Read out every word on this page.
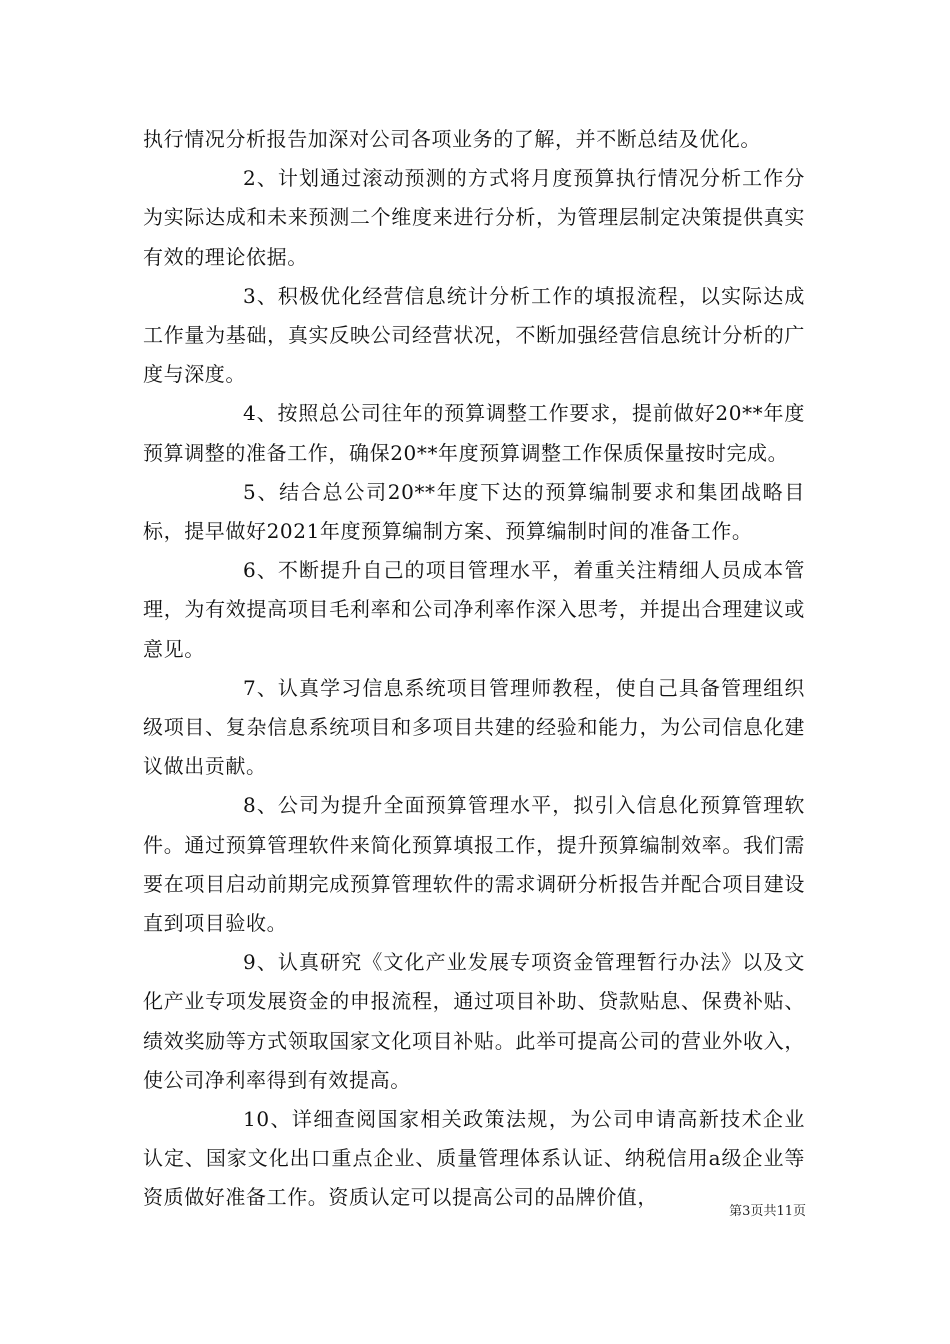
执行情况分析报告加深对公司各项业务的了解，并不断总结及优化。

2、计划通过滚动预测的方式将月度预算执行情况分析工作分为实际达成和未来预测二个维度来进行分析，为管理层制定决策提供真实有效的理论依据。

3、积极优化经营信息统计分析工作的填报流程，以实际达成工作量为基础，真实反映公司经营状况，不断加强经营信息统计分析的广度与深度。

4、按照总公司往年的预算调整工作要求，提前做好20**年度预算调整的准备工作，确保20**年度预算调整工作保质保量按时完成。

5、结合总公司20**年度下达的预算编制要求和集团战略目标，提早做好2021年度预算编制方案、预算编制时间的准备工作。

6、不断提升自己的项目管理水平，着重关注精细人员成本管理，为有效提高项目毛利率和公司净利率作深入思考，并提出合理建议或意见。

7、认真学习信息系统项目管理师教程，使自己具备管理组织级项目、复杂信息系统项目和多项目共建的经验和能力，为公司信息化建议做出贡献。

8、公司为提升全面预算管理水平，拟引入信息化预算管理软件。通过预算管理软件来简化预算填报工作，提升预算编制效率。我们需要在项目启动前期完成预算管理软件的需求调研分析报告并配合项目建设直到项目验收。

9、认真研究《文化产业发展专项资金管理暂行办法》以及文化产业专项发展资金的申报流程，通过项目补助、贷款贴息、保费补贴、绩效奖励等方式领取国家文化项目补贴。此举可提高公司的营业外收入，使公司净利率得到有效提高。

10、详细查阅国家相关政策法规，为公司申请高新技术企业认定、国家文化出口重点企业、质量管理体系认证、纳税信用a级企业等资质做好准备工作。资质认定可以提高公司的品牌价值，

第3页共11页
